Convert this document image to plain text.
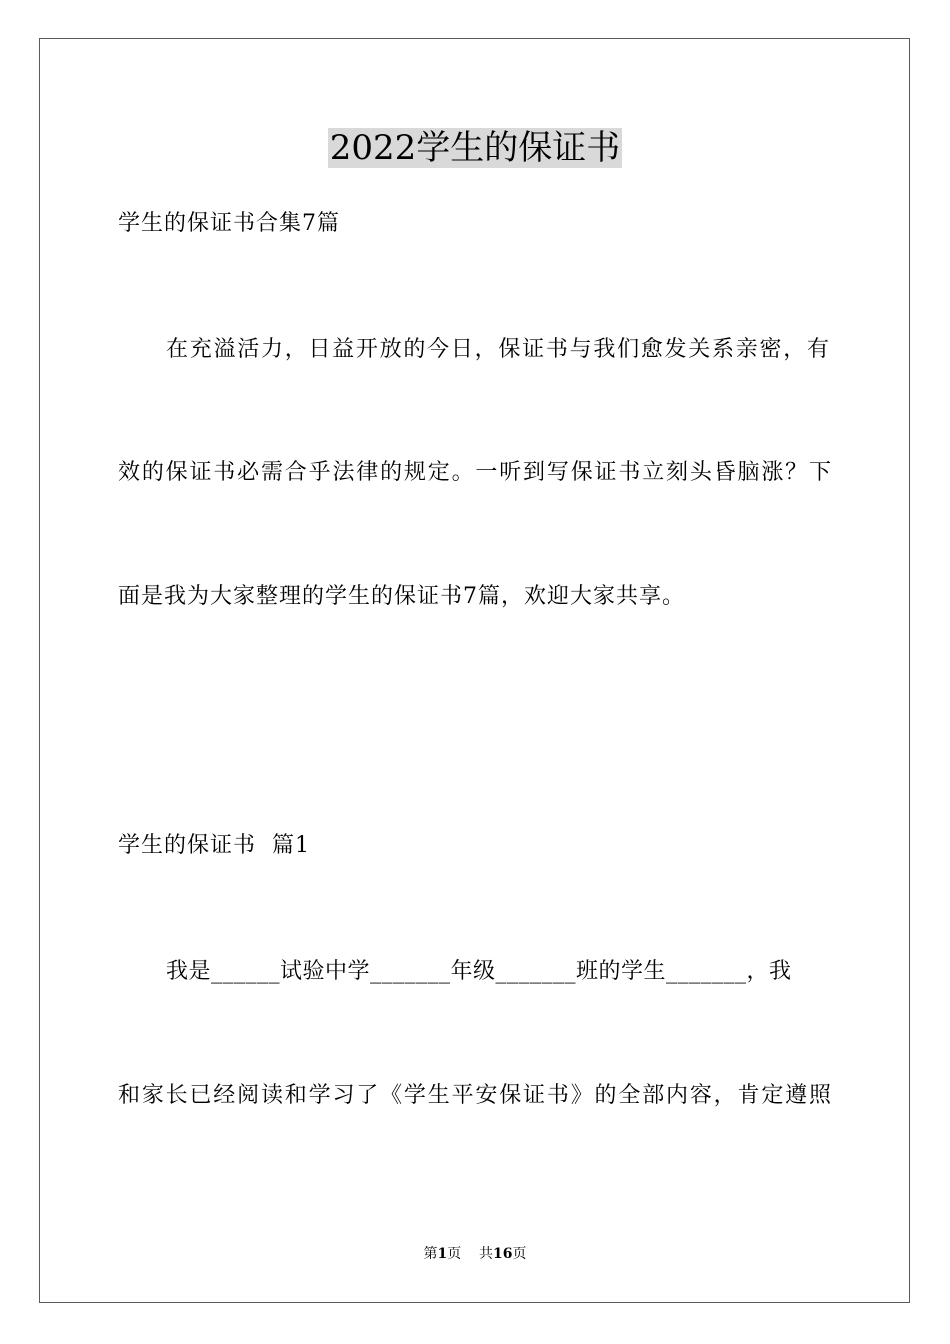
2022学生的保证书
学生的保证书合集7篇
在充溢活力，日益开放的今日，保证书与我们愈发关系亲密，有
效的保证书必需合乎法律的规定。一听到写保证书立刻头昏脑涨？下
面是我为大家整理的学生的保证书7篇，欢迎大家共享。
学生的保证书  篇1
我是______试验中学_______年级_______班的学生_______，我
和家长已经阅读和学习了《学生平安保证书》的全部内容，肯定遵照
第1页 共16页
